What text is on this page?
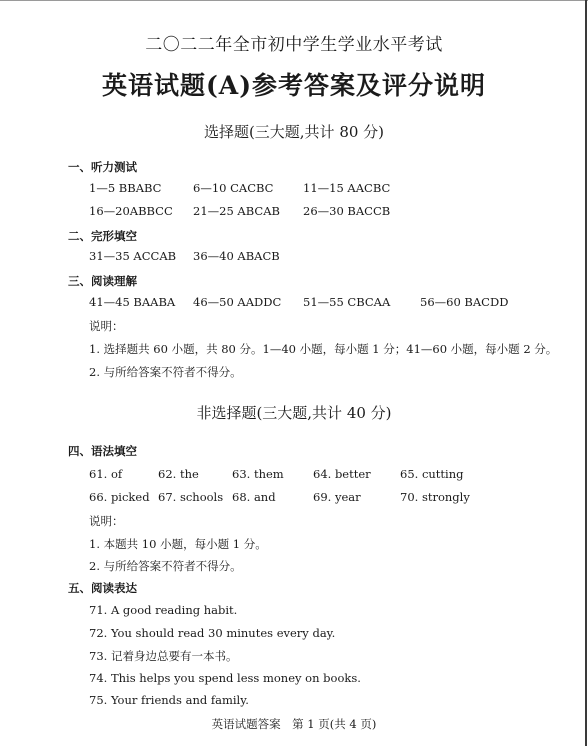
二〇二二年全市初中学生学业水平考试
英语试题(A)参考答案及评分说明
选择题(三大题,共计 80 分)
一、听力测试
1—5 BBABC	6—10 CACBC	11—15 AACBC
16—20ABBCC 21—25 ABCAB 26—30 BACCB
二、完形填空
31—35 ACCAB 36—40 ABACB
三、阅读理解
41—45 BAABA 46—50 AADDC 51—55 CBCAA	56—60 BACDD
说明：
1. 选择题共 60 小题，共 80 分。1—40 小题，每小题 1 分；41—60 小题，每小题 2 分。
2. 与所给答案不符者不得分。
非选择题(三大题,共计 40 分)
四、语法填空
61. of	62. the	63. them	64. better	65. cutting
66. picked 67. schools 68. and	69. year	70. strongly
说明：
1. 本题共 10 小题，每小题 1 分。
2. 与所给答案不符者不得分。
五、阅读表达
71. A good reading habit.
72. You should read 30 minutes every day.
73. 记着身边总要有一本书。
74. This helps you spend less money on books.
75. Your friends and family.
英语试题答案　第 1 页(共 4 页)
